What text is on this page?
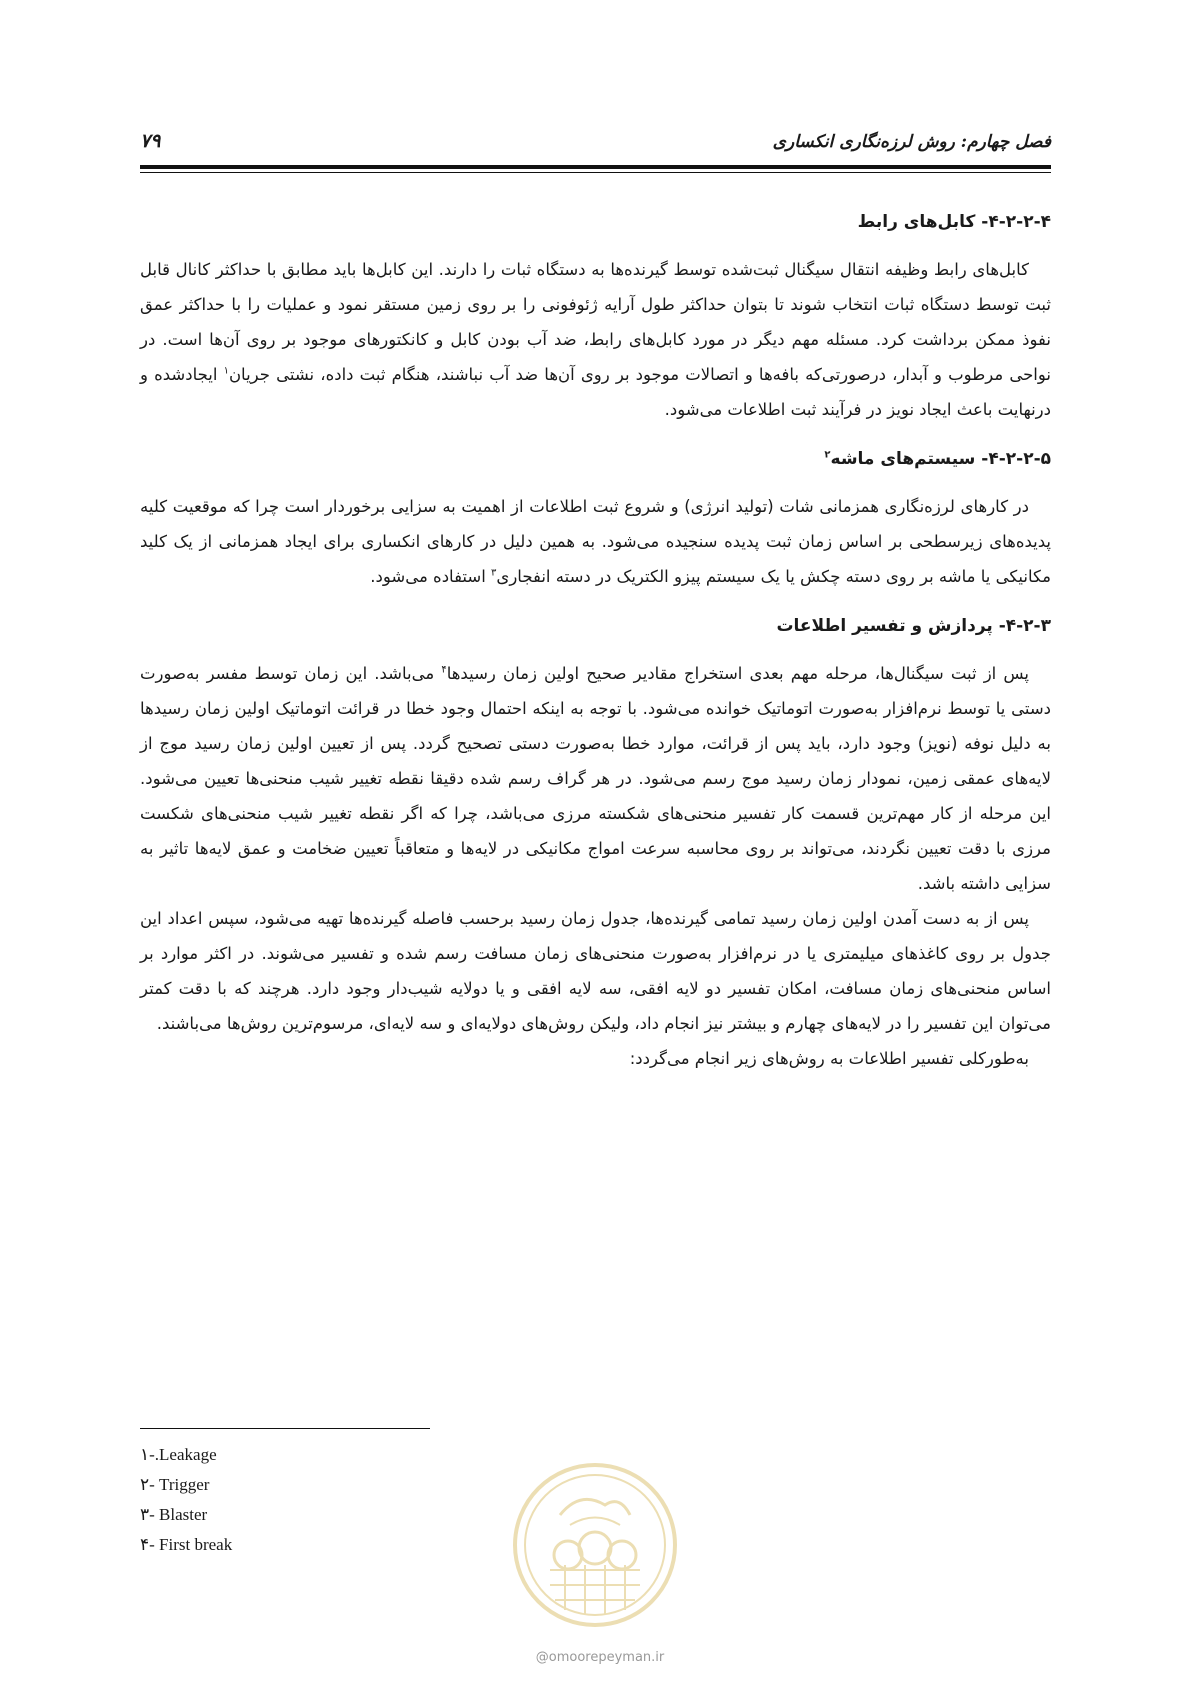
فصل چهارم: روش لرزه‌نگاری انکساری
۷۹
۴-۲-۲-۴- کابل‌های رابط

کابل‌های رابط وظیفه انتقال سیگنال ثبت‌شده توسط گیرنده‌ها به دستگاه ثبات را دارند. این کابل‌ها باید مطابق با حداکثر کانال قابل ثبت توسط دستگاه ثبات انتخاب شوند تا بتوان حداکثر طول آرایه ژئوفونی را بر روی زمین مستقر نمود و عملیات را با حداکثر عمق نفوذ ممکن برداشت کرد. مسئله مهم دیگر در مورد کابل‌های رابط، ضد آب بودن کابل و کانکتورهای موجود بر روی آن‌ها است. در نواحی مرطوب و آبدار، درصورتی‌که بافه‌ها و اتصالات موجود بر روی آن‌ها ضد آب نباشند، هنگام ثبت داده، نشتی جریان$^۱$ ایجادشده و درنهایت باعث ایجاد نویز در فرآیند ثبت اطلاعات می‌شود.

۴-۲-۲-۵- سیستم‌های ماشه$^۲$

در کارهای لرزه‌نگاری همزمانی شات (تولید انرژی) و شروع ثبت اطلاعات از اهمیت به سزایی برخوردار است چرا که موقعیت کلیه پدیده‌های زیرسطحی بر اساس زمان ثبت پدیده سنجیده می‌شود. به همین دلیل در کارهای انکساری برای ایجاد همزمانی از یک کلید مکانیکی یا ماشه بر روی دسته چکش یا یک سیستم پیزو الکتریک در دسته انفجاری$^۳$ استفاده می‌شود.

۴-۲-۳- پردازش و تفسیر اطلاعات

پس از ثبت سیگنال‌ها، مرحله مهم بعدی استخراج مقادیر صحیح اولین زمان رسیدها$^۴$ می‌باشد. این زمان توسط مفسر به‌صورت دستی یا توسط نرم‌افزار به‌صورت اتوماتیک خوانده می‌شود. با توجه به اینکه احتمال وجود خطا در قرائت اتوماتیک اولین زمان رسیدها به دلیل نوفه (نویز) وجود دارد، باید پس از قرائت، موارد خطا به‌صورت دستی تصحیح گردد. پس از تعیین اولین زمان رسید موج از لایه‌های عمقی زمین، نمودار زمان رسید موج رسم می‌شود. در هر گراف رسم شده دقیقا نقطه تغییر شیب منحنی‌ها تعیین می‌شود. این مرحله از کار مهم‌ترین قسمت کار تفسیر منحنی‌های شکسته مرزی می‌باشد، چرا که اگر نقطه تغییر شیب منحنی‌های شکست مرزی با دقت تعیین نگردند، می‌تواند بر روی محاسبه سرعت امواج مکانیکی در لایه‌ها و متعاقباً تعیین ضخامت و عمق لایه‌ها تاثیر به سزایی داشته باشد.

پس از به دست آمدن اولین زمان رسید تمامی گیرنده‌ها، جدول زمان رسید برحسب فاصله گیرنده‌ها تهیه می‌شود، سپس اعداد این جدول بر روی کاغذهای میلیمتری یا در نرم‌افزار به‌صورت منحنی‌های زمان مسافت رسم شده و تفسیر می‌شوند. در اکثر موارد بر اساس منحنی‌های زمان مسافت، امکان تفسیر دو لایه افقی، سه لایه افقی و یا دولایه شیب‌دار وجود دارد. هرچند که با دقت کمتر می‌توان این تفسیر را در لایه‌های چهارم و بیشتر نیز انجام داد، ولیکن روش‌های دولایه‌ای و سه لایه‌ای، مرسوم‌ترین روش‌ها می‌باشند.

به‌طورکلی تفسیر اطلاعات به روش‌های زیر انجام می‌گردد:

۱-.Leakage
۲- Trigger
۳- Blaster
۴- First break
@omoorepeyman.ir
